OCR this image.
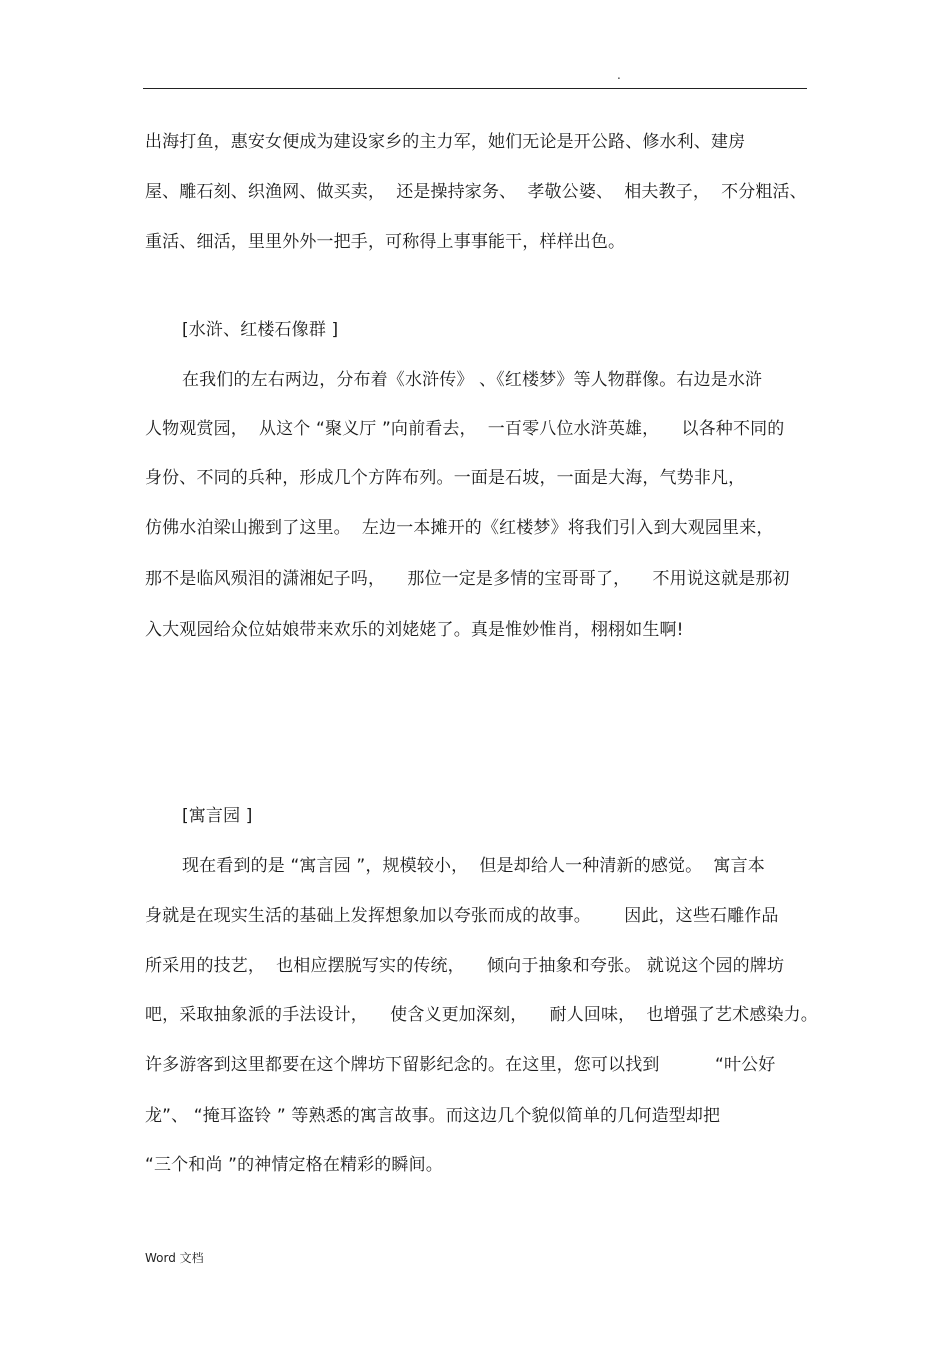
.
出海打鱼，惠安女便成为建设家乡的主力军，她们无论是开公路、修水利、建房
屋、雕石刻、织渔网、做买卖，  还是操持家务、  孝敬公婆、  相夫教子，  不分粗活、
重活、细活，里里外外一把手，可称得上事事能干，样样出色。
[水浒、红楼石像群 ]
在我们的左右两边，分布着《水浒传》 、《红楼梦》等人物群像。右边是水浒
人物观赏园，  从这个 “聚义厅 ”向前看去，  一百零八位水浒英雄，    以各种不同的
身份、不同的兵种，形成几个方阵布列。一面是石坡，一面是大海，气势非凡，
仿佛水泊梁山搬到了这里。  左边一本摊开的《红楼梦》将我们引入到大观园里来，
那不是临风殒泪的潇湘妃子吗，    那位一定是多情的宝哥哥了，    不用说这就是那初
入大观园给众位姑娘带来欢乐的刘姥姥了。真是惟妙惟肖，栩栩如生啊!
[寓言园 ]
现在看到的是 “寓言园 ”，规模较小，  但是却给人一种清新的感觉。  寓言本
身就是在现实生活的基础上发挥想象加以夸张而成的故事。      因此，这些石雕作品
所采用的技艺，  也相应摆脱写实的传统，    倾向于抽象和夸张。 就说这个园的牌坊
吧，采取抽象派的手法设计，    使含义更加深刻，    耐人回味，  也增强了艺术感染力。
许多游客到这里都要在这个牌坊下留影纪念的。在这里，您可以找到          “叶公好
龙”、 “掩耳盗铃 ” 等熟悉的寓言故事。而这边几个貌似简单的几何造型却把
“三个和尚 ”的神情定格在精彩的瞬间。
Word 文档
